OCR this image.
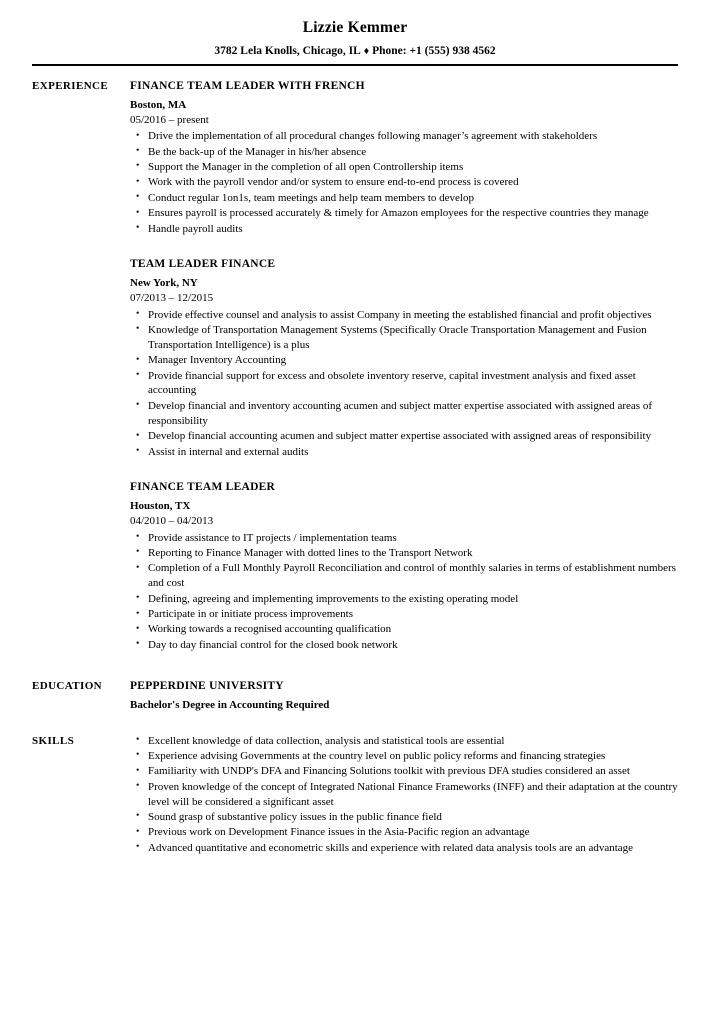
Lizzie Kemmer
3782 Lela Knolls, Chicago, IL ♦ Phone: +1 (555) 938 4562
EXPERIENCE	FINANCE TEAM LEADER WITH FRENCH
Boston, MA
05/2016 – present
• Drive the implementation of all procedural changes following manager’s agreement with stakeholders
• Be the back-up of the Manager in his/her absence
• Support the Manager in the completion of all open Controllership items
• Work with the payroll vendor and/or system to ensure end-to-end process is covered
• Conduct regular 1on1s, team meetings and help team members to develop
• Ensures payroll is processed accurately & timely for Amazon employees for the respective countries they manage
• Handle payroll audits
TEAM LEADER FINANCE
New York, NY
07/2013 – 12/2015
• Provide effective counsel and analysis to assist Company in meeting the established financial and profit objectives
• Knowledge of Transportation Management Systems (Specifically Oracle Transportation Management and Fusion Transportation Intelligence) is a plus
• Manager Inventory Accounting
• Provide financial support for excess and obsolete inventory reserve, capital investment analysis and fixed asset accounting
• Develop financial and inventory accounting acumen and subject matter expertise associated with assigned areas of responsibility
• Develop financial accounting acumen and subject matter expertise associated with assigned areas of responsibility
• Assist in internal and external audits
FINANCE TEAM LEADER
Houston, TX
04/2010 – 04/2013
• Provide assistance to IT projects / implementation teams
• Reporting to Finance Manager with dotted lines to the Transport Network
• Completion of a Full Monthly Payroll Reconciliation and control of monthly salaries in terms of establishment numbers and cost
• Defining, agreeing and implementing improvements to the existing operating model
• Participate in or initiate process improvements
• Working towards a recognised accounting qualification
• Day to day financial control for the closed book network
EDUCATION	PEPPERDINE UNIVERSITY
Bachelor's Degree in Accounting Required
SKILLS	• Excellent knowledge of data collection, analysis and statistical tools are essential
• Experience advising Governments at the country level on public policy reforms and financing strategies
• Familiarity with UNDP's DFA and Financing Solutions toolkit with previous DFA studies considered an asset
• Proven knowledge of the concept of Integrated National Finance Frameworks (INFF) and their adaptation at the country level will be considered a significant asset
• Sound grasp of substantive policy issues in the public finance field
• Previous work on Development Finance issues in the Asia-Pacific region an advantage
• Advanced quantitative and econometric skills and experience with related data analysis tools are an advantage
